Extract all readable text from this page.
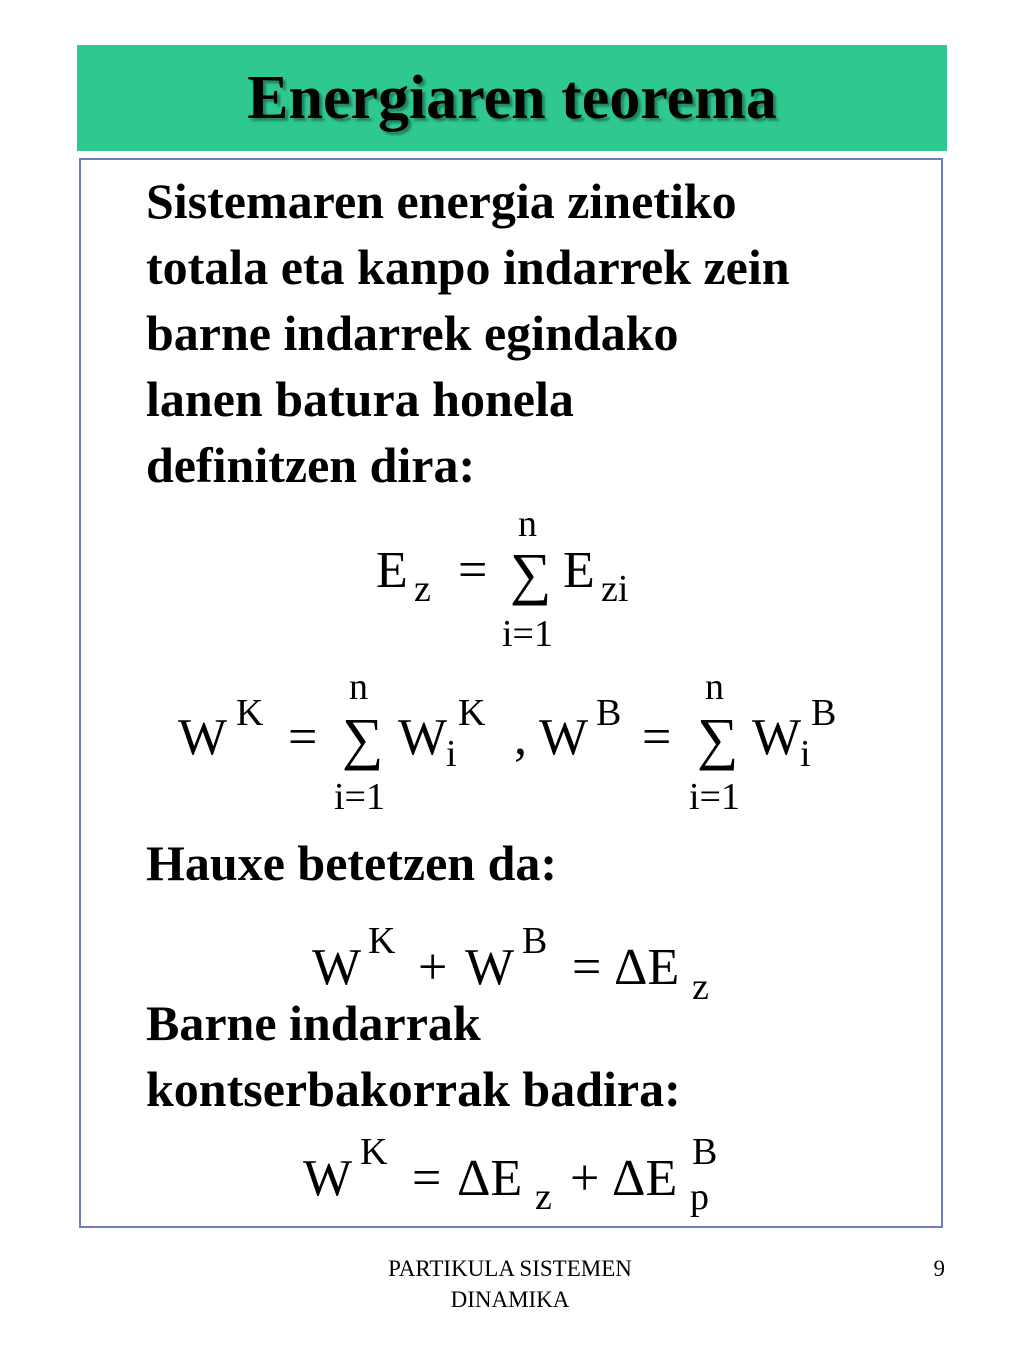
Energiaren teorema
Sistemaren energia zinetiko
totala eta kanpo indarrek zein
barne indarrek egindako
lanen batura honela
definitzen dira:
E z =
n
∑
i=1
E zi
W K =
n
∑
i=1
W
i
K , W B =
n
∑
i=1
W
i
B
Hauxe betetzen da:
W K + W B = ΔE z
Barne indarrak
kontserbakorrak badira:
W K = ΔE z + ΔE p
B
PARTIKULA SISTEMEN
DINAMIKA
9
